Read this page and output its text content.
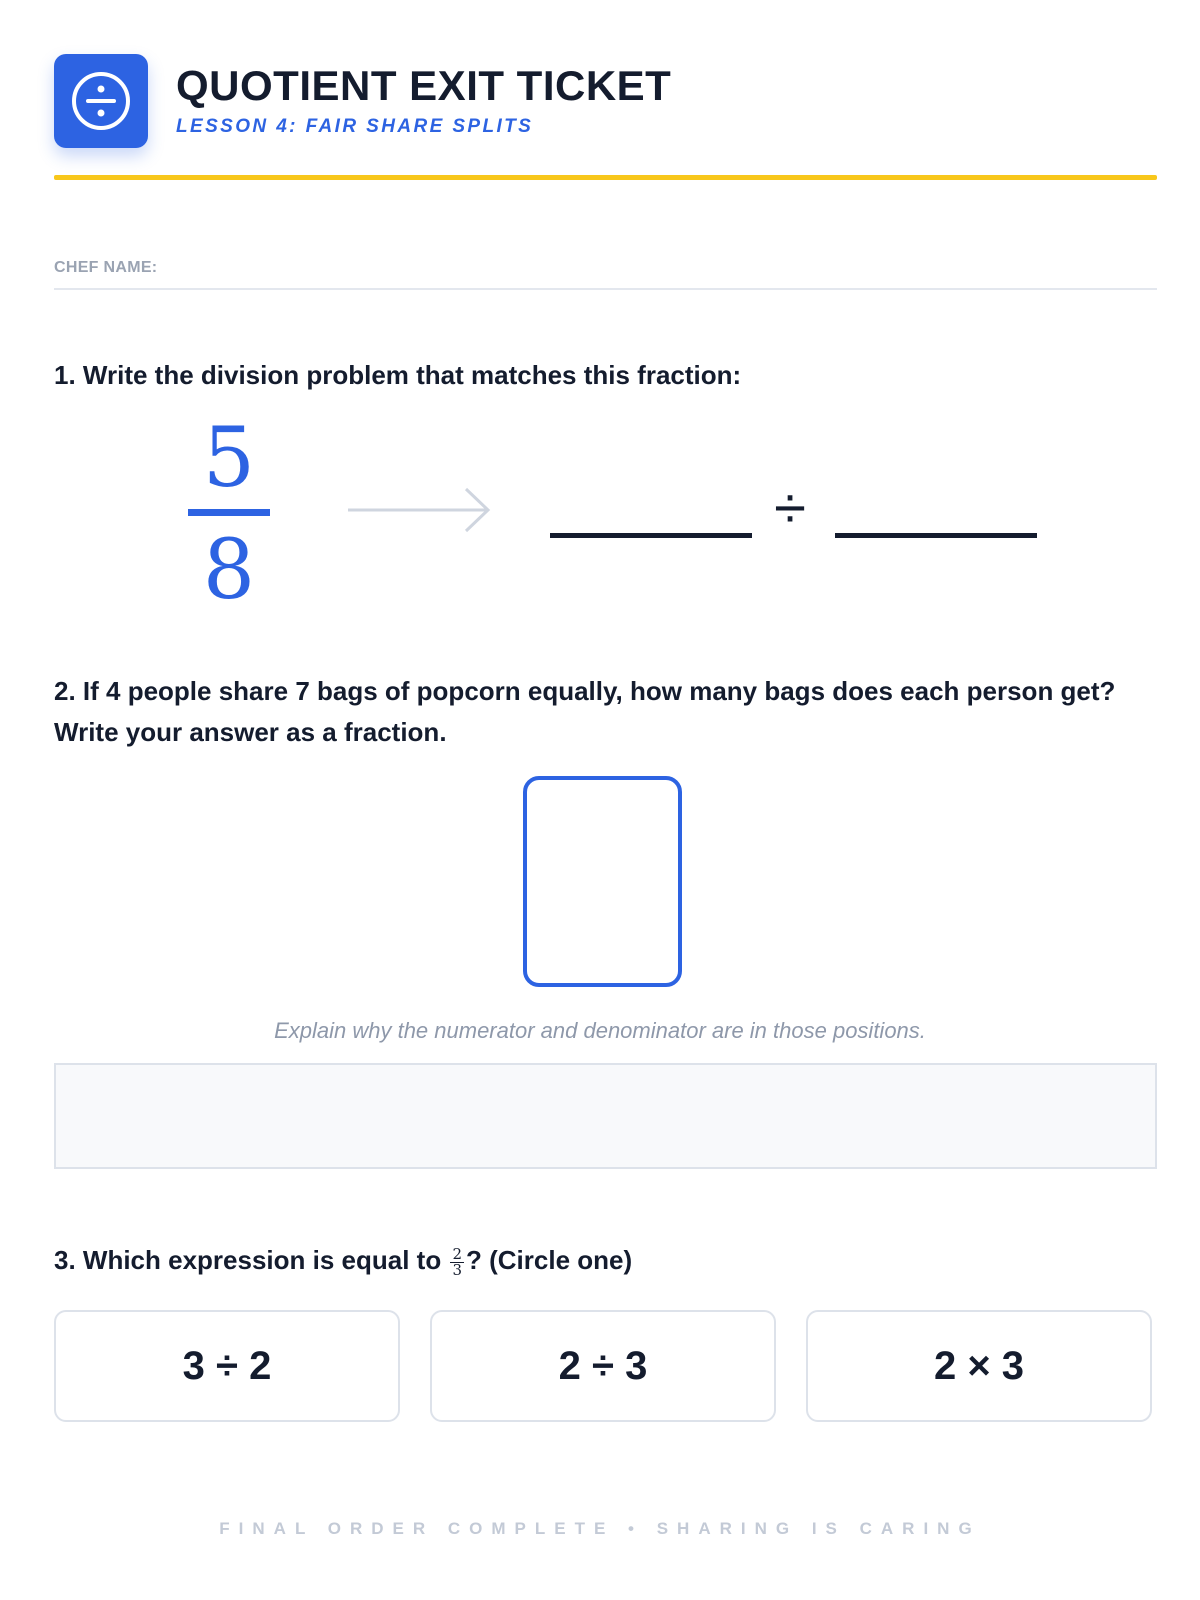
QUOTIENT EXIT TICKET
LESSON 4: FAIR SHARE SPLITS
CHEF NAME:
1. Write the division problem that matches this fraction:
5
8
÷
2. If 4 people share 7 bags of popcorn equally, how many bags does each person get? Write your answer as a fraction.
Explain why the numerator and denominator are in those positions.
3. Which expression is equal to $\frac{2}{3}$ ? (Circle one)
3 ÷ 2	2 ÷ 3	2 × 3
FINAL ORDER COMPLETE • SHARING IS CARING
